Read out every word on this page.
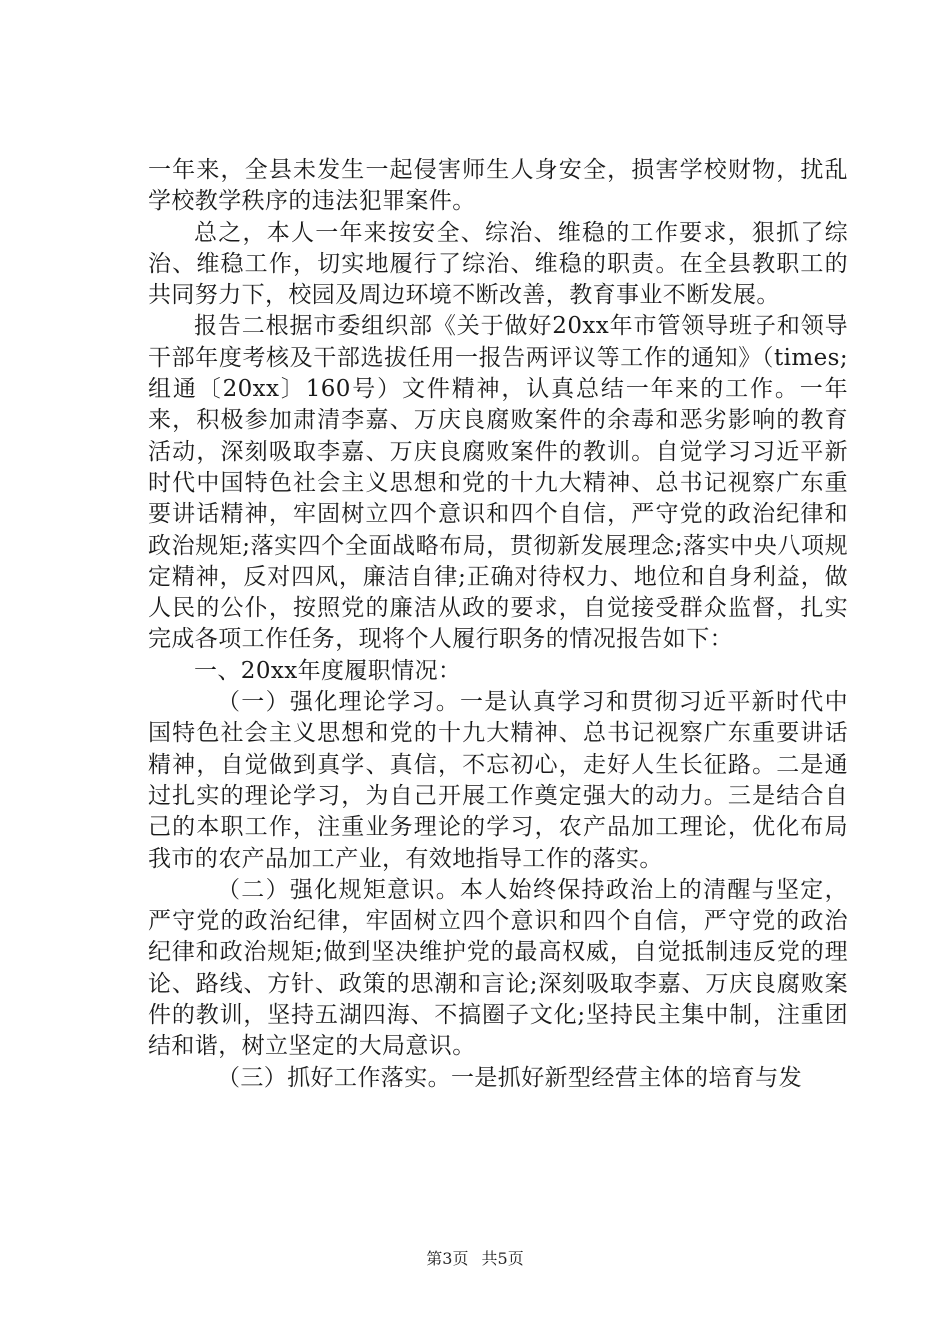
一年来，全县未发生一起侵害师生人身安全，损害学校财物，扰乱学校教学秩序的违法犯罪案件。

总之，本人一年来按安全、综治、维稳的工作要求，狠抓了综治、维稳工作，切实地履行了综治、维稳的职责。在全县教职工的共同努力下，校园及周边环境不断改善，教育事业不断发展。

报告二根据市委组织部《关于做好20xx年市管领导班子和领导干部年度考核及干部选拔任用一报告两评议等工作的通知》（times;组通〔20xx〕160号）文件精神，认真总结一年来的工作。一年来，积极参加肃清李嘉、万庆良腐败案件的余毒和恶劣影响的教育活动，深刻吸取李嘉、万庆良腐败案件的教训。自觉学习习近平新时代中国特色社会主义思想和党的十九大精神、总书记视察广东重要讲话精神，牢固树立四个意识和四个自信，严守党的政治纪律和政治规矩;落实四个全面战略布局，贯彻新发展理念;落实中央八项规定精神，反对四风，廉洁自律;正确对待权力、地位和自身利益，做人民的公仆，按照党的廉洁从政的要求，自觉接受群众监督，扎实完成各项工作任务，现将个人履行职务的情况报告如下：

一、20xx年度履职情况：

（一）强化理论学习。一是认真学习和贯彻习近平新时代中国特色社会主义思想和党的十九大精神、总书记视察广东重要讲话精神，自觉做到真学、真信，不忘初心，走好人生长征路。二是通过扎实的理论学习，为自己开展工作奠定强大的动力。三是结合自己的本职工作，注重业务理论的学习，农产品加工理论，优化布局我市的农产品加工产业，有效地指导工作的落实。

（二）强化规矩意识。本人始终保持政治上的清醒与坚定，严守党的政治纪律，牢固树立四个意识和四个自信，严守党的政治纪律和政治规矩;做到坚决维护党的最高权威，自觉抵制违反党的理论、路线、方针、政策的思潮和言论;深刻吸取李嘉、万庆良腐败案件的教训，坚持五湖四海、不搞圈子文化;坚持民主集中制，注重团结和谐，树立坚定的大局意识。

（三）抓好工作落实。一是抓好新型经营主体的培育与发

第3页 共5页
